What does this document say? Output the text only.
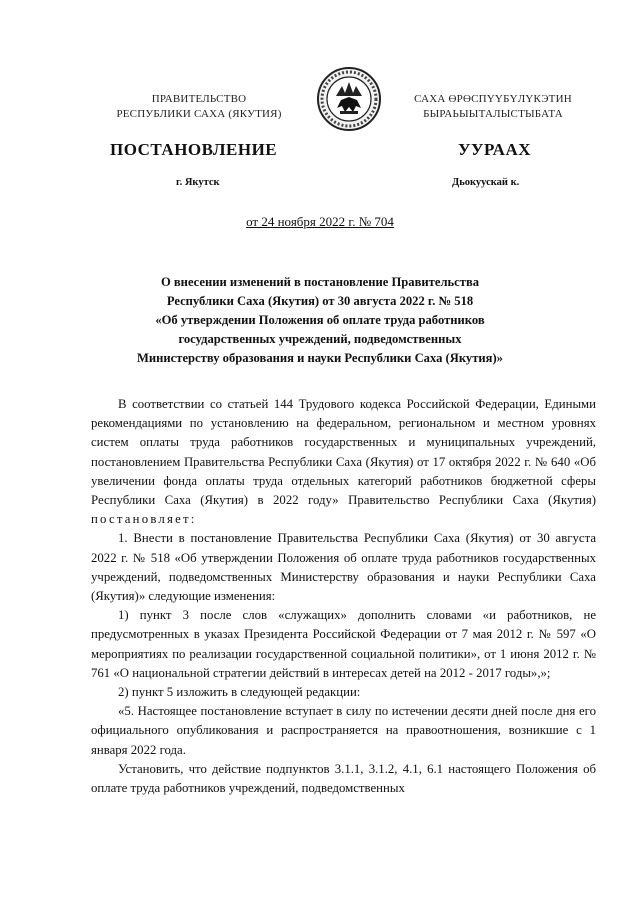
ПРАВИТЕЛЬСТВО
РЕСПУБЛИКИ САХА (ЯКУТИЯ)
САХА ӨРӨСПҮҮБҮЛҮКЭТИН
БЫРАЬЫЫТАЛЫСТЫБАТА
ПОСТАНОВЛЕНИЕ	УУРААХ
г. Якутск	Дьокуускай к.
от 24 ноября 2022 г. № 704
О внесении изменений в постановление Правительства
Республики Саха (Якутия) от 30 августа 2022 г. № 518
«Об утверждении Положения об оплате труда работников
государственных учреждений, подведомственных
Министерству образования и науки Республики Саха (Якутия)»

В соответствии со статьей 144 Трудового кодекса Российской Федерации, Едиными рекомендациями по установлению на федеральном, региональном и местном уровнях систем оплаты труда работников государственных и муниципальных учреждений, постановлением Правительства Республики Саха (Якутия) от 17 октября 2022 г. № 640 «Об увеличении фонда оплаты труда отдельных категорий работников бюджетной сферы Республики Саха (Якутия) в 2022 году» Правительство Республики Саха (Якутия) постановляет:

1. Внести в постановление Правительства Республики Саха (Якутия) от 30 августа 2022 г. № 518 «Об утверждении Положения об оплате труда работников государственных учреждений, подведомственных Министерству образования и науки Республики Саха (Якутия)» следующие изменения:

1) пункт 3 после слов «служащих» дополнить словами «и работников, не предусмотренных в указах Президента Российской Федерации от 7 мая 2012 г. № 597 «О мероприятиях по реализации государственной социальной политики», от 1 июня 2012 г. № 761 «О национальной стратегии действий в интересах детей на 2012 - 2017 годы»,»;

2) пункт 5 изложить в следующей редакции:

«5. Настоящее постановление вступает в силу по истечении десяти дней после дня его официального опубликования и распространяется на правоотношения, возникшие с 1 января 2022 года.

Установить, что действие подпунктов 3.1.1, 3.1.2, 4.1, 6.1 настоящего Положения об оплате труда работников учреждений, подведомственных
